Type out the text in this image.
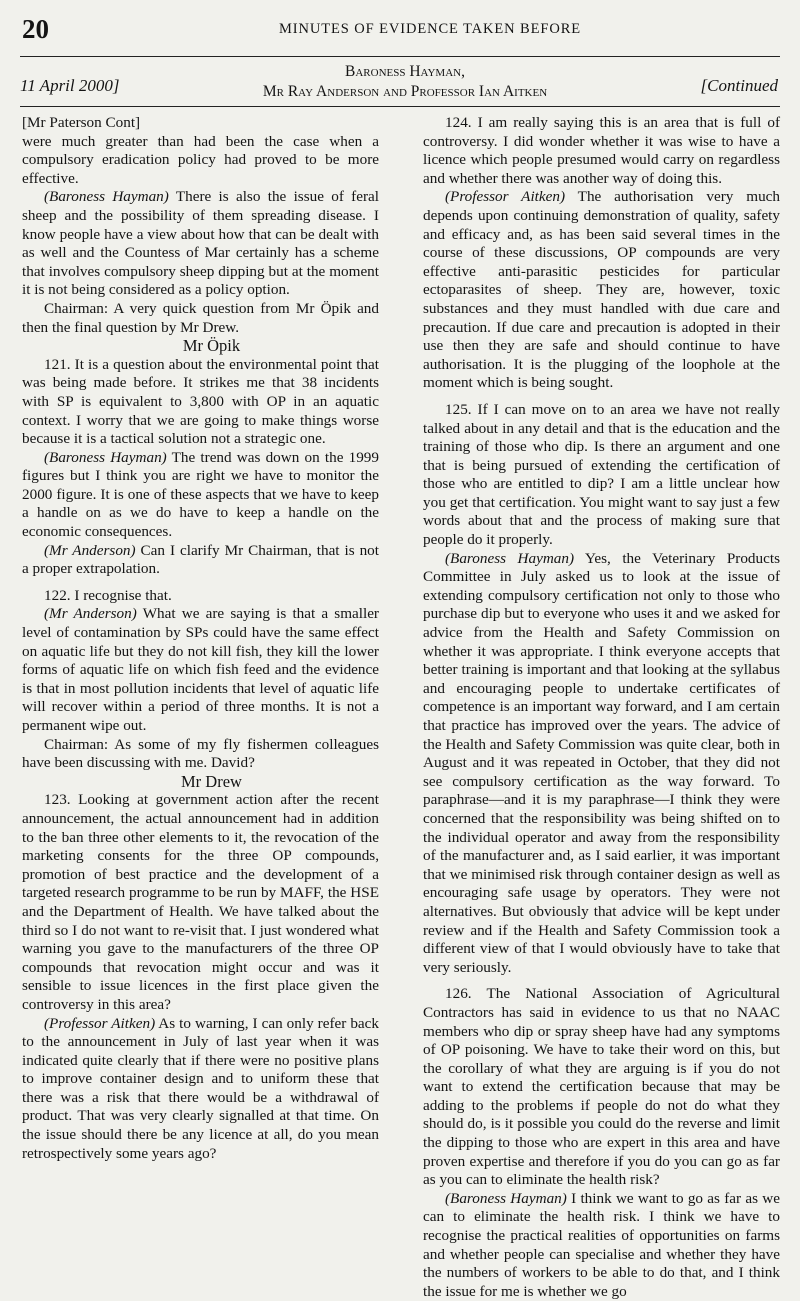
20	MINUTES OF EVIDENCE TAKEN BEFORE
11 April 2000]
Baroness Hayman,
Mr Ray Anderson and Professor Ian Aitken	[Continued

[Mr Paterson Cont]

were much greater than had been the case when a compulsory eradication policy had proved to be more effective.

(Baroness Hayman) There is also the issue of feral sheep and the possibility of them spreading disease. I know people have a view about how that can be dealt with as well and the Countess of Mar certainly has a scheme that involves compulsory sheep dipping but at the moment it is not being considered as a policy option.

Chairman: A very quick question from Mr Öpik and then the final question by Mr Drew.

Mr Öpik

121. It is a question about the environmental point that was being made before. It strikes me that 38 incidents with SP is equivalent to 3,800 with OP in an aquatic context. I worry that we are going to make things worse because it is a tactical solution not a strategic one.

(Baroness Hayman) The trend was down on the 1999 figures but I think you are right we have to monitor the 2000 figure. It is one of these aspects that we have to keep a handle on as we do have to keep a handle on the economic consequences.

(Mr Anderson) Can I clarify Mr Chairman, that is not a proper extrapolation.

122. I recognise that.

(Mr Anderson) What we are saying is that a smaller level of contamination by SPs could have the same effect on aquatic life but they do not kill fish, they kill the lower forms of aquatic life on which fish feed and the evidence is that in most pollution incidents that level of aquatic life will recover within a period of three months. It is not a permanent wipe out.

Chairman: As some of my fly fishermen colleagues have been discussing with me. David?

Mr Drew

123. Looking at government action after the recent announcement, the actual announcement had in addition to the ban three other elements to it, the revocation of the marketing consents for the three OP compounds, promotion of best practice and the development of a targeted research programme to be run by MAFF, the HSE and the Department of Health. We have talked about the third so I do not want to re-visit that. I just wondered what warning you gave to the manufacturers of the three OP compounds that revocation might occur and was it sensible to issue licences in the first place given the controversy in this area?

(Professor Aitken) As to warning, I can only refer back to the announcement in July of last year when it was indicated quite clearly that if there were no positive plans to improve container design and to uniform these that there was a risk that there would be a withdrawal of product. That was very clearly signalled at that time. On the issue should there be any licence at all, do you mean retrospectively some years ago?

124. I am really saying this is an area that is full of controversy. I did wonder whether it was wise to have a licence which people presumed would carry on regardless and whether there was another way of doing this.

(Professor Aitken) The authorisation very much depends upon continuing demonstration of quality, safety and efficacy and, as has been said several times in the course of these discussions, OP compounds are very effective anti-parasitic pesticides for particular ectoparasites of sheep. They are, however, toxic substances and they must handled with due care and precaution. If due care and precaution is adopted in their use then they are safe and should continue to have authorisation. It is the plugging of the loophole at the moment which is being sought.

125. If I can move on to an area we have not really talked about in any detail and that is the education and the training of those who dip. Is there an argument and one that is being pursued of extending the certification of those who are entitled to dip? I am a little unclear how you get that certification. You might want to say just a few words about that and the process of making sure that people do it properly.

(Baroness Hayman) Yes, the Veterinary Products Committee in July asked us to look at the issue of extending compulsory certification not only to those who purchase dip but to everyone who uses it and we asked for advice from the Health and Safety Commission on whether it was appropriate. I think everyone accepts that better training is important and that looking at the syllabus and encouraging people to undertake certificates of competence is an important way forward, and I am certain that practice has improved over the years. The advice of the Health and Safety Commission was quite clear, both in August and it was repeated in October, that they did not see compulsory certification as the way forward. To paraphrase—and it is my paraphrase—I think they were concerned that the responsibility was being shifted on to the individual operator and away from the responsibility of the manufacturer and, as I said earlier, it was important that we minimised risk through container design as well as encouraging safe usage by operators. They were not alternatives. But obviously that advice will be kept under review and if the Health and Safety Commission took a different view of that I would obviously have to take that very seriously.

126. The National Association of Agricultural Contractors has said in evidence to us that no NAAC members who dip or spray sheep have had any symptoms of OP poisoning. We have to take their word on this, but the corollary of what they are arguing is if you do not want to extend the certification because that may be adding to the problems if people do not do what they should do, is it possible you could do the reverse and limit the dipping to those who are expert in this area and have proven expertise and therefore if you do you can go as far as you can to eliminate the health risk?

(Baroness Hayman) I think we want to go as far as we can to eliminate the health risk. I think we have to recognise the practical realities of opportunities on farms and whether people can specialise and whether they have the numbers of workers to be able to do that, and I think the issue for me is whether we go
